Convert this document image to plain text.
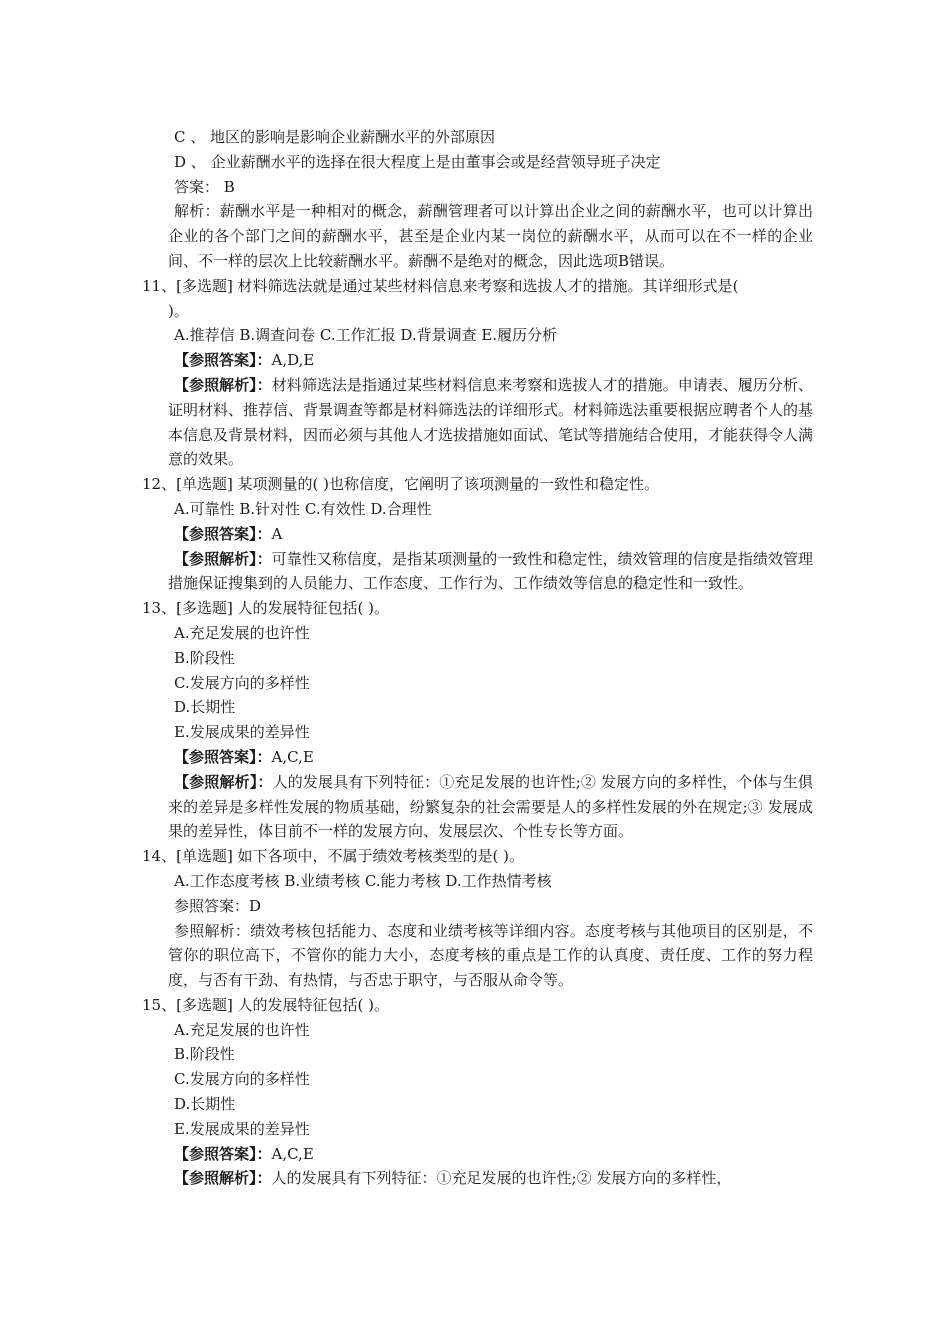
C 、 地区的影响是影响企业薪酬水平的外部原因
D 、 企业薪酬水平的选择在很大程度上是由董事会或是经营领导班子决定
答案： B
解析：薪酬水平是一种相对的概念，薪酬管理者可以计算出企业之间的薪酬水平，也可以计算出企业的各个部门之间的薪酬水平，甚至是企业内某一岗位的薪酬水平，从而可以在不一样的企业间、不一样的层次上比较薪酬水平。薪酬不是绝对的概念，因此选项B错误。
11、[多选题] 材料筛选法就是通过某些材料信息来考察和选拔人才的措施。其详细形式是(
)。
A.推荐信 B.调查问卷 C.工作汇报 D.背景调查 E.履历分析
【参照答案】：A,D,E
【参照解析】：材料筛选法是指通过某些材料信息来考察和选拔人才的措施。申请表、履历分析、证明材料、推荐信、背景调查等都是材料筛选法的详细形式。材料筛选法重要根据应聘者个人的基本信息及背景材料，因而必须与其他人才选拔措施如面试、笔试等措施结合使用，才能获得令人满意的效果。
12、[单选题] 某项测量的( )也称信度，它阐明了该项测量的一致性和稳定性。
A.可靠性 B.针对性 C.有效性 D.合理性
【参照答案】：A
【参照解析】：可靠性又称信度，是指某项测量的一致性和稳定性，绩效管理的信度是指绩效管理措施保证搜集到的人员能力、工作态度、工作行为、工作绩效等信息的稳定性和一致性。
13、[多选题] 人的发展特征包括( )。
A.充足发展的也许性
B.阶段性
C.发展方向的多样性
D.长期性
E.发展成果的差异性
【参照答案】：A,C,E
【参照解析】：人的发展具有下列特征：①充足发展的也许性;② 发展方向的多样性，个体与生俱来的差异是多样性发展的物质基础，纷繁复杂的社会需要是人的多样性发展的外在规定;③ 发展成果的差异性，体目前不一样的发展方向、发展层次、个性专长等方面。
14、[单选题] 如下各项中，不属于绩效考核类型的是( )。
A.工作态度考核 B.业绩考核 C.能力考核 D.工作热情考核
参照答案：D
参照解析：绩效考核包括能力、态度和业绩考核等详细内容。态度考核与其他项目的区别是，不管你的职位高下，不管你的能力大小，态度考核的重点是工作的认真度、责任度、工作的努力程度，与否有干劲、有热情，与否忠于职守，与否服从命令等。
15、[多选题] 人的发展特征包括( )。
A.充足发展的也许性
B.阶段性
C.发展方向的多样性
D.长期性
E.发展成果的差异性
【参照答案】：A,C,E
【参照解析】：人的发展具有下列特征：①充足发展的也许性;② 发展方向的多样性，
